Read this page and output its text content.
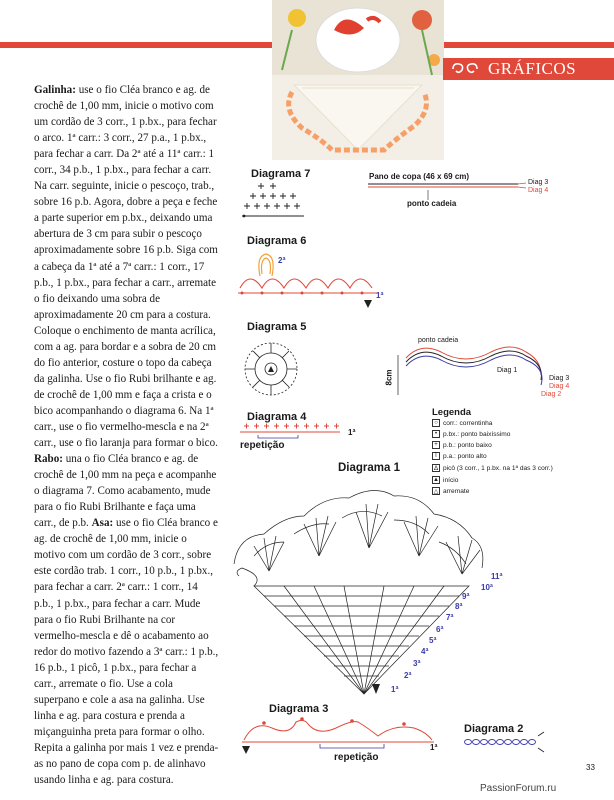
GRÁFICOS
Galinha: use o fio Cléa branco e ag. de crochê de 1,00 mm, inicie o motivo com um cordão de 3 corr., 1 p.bx., para fechar o arco. 1ª carr.: 3 corr., 27 p.a., 1 p.bx., para fechar a carr. Da 2ª até a 11ª carr.: 1 corr., 34 p.b., 1 p.bx., para fechar a carr. Na carr. seguinte, inicie o pescoço, trab., sobre 16 p.b. Agora, dobre a peça e feche a parte superior em p.bx., deixando uma abertura de 3 cm para subir o pescoço aproximadamente sobre 16 p.b. Siga com a cabeça da 1ª até a 7ª carr.: 1 corr., 17 p.b., 1 p.bx., para fechar a carr., arremate o fio deixando uma sobra de aproximadamente 20 cm para a costura. Coloque o enchimento de manta acrílica, com a ag. para bordar e a sobra de 20 cm do fio anterior, costure o topo da cabeça da galinha. Use o fio Rubi brilhante e ag. de crochê de 1,00 mm e faça a crista e o bico acompanhando o diagrama 6. Na 1ª carr., use o fio vermelho-mescla e na 2ª carr., use o fio laranja para formar o bico. Rabo: una o fio Cléa branco e ag. de crochê de 1,00 mm na peça e acompanhe o diagrama 7. Como acabamento, mude para o fio Rubi Brilhante e faça uma carr., de p.b. Asa: use o fio Cléa branco e ag. de crochê de 1,00 mm, inicie o motivo com um cordão de 3 corr., sobre este cordão trab. 1 corr., 10 p.b., 1 p.bx., para fechar a carr. 2ª carr.: 1 corr., 14 p.b., 1 p.bx., para fechar a carr. Mude para o fio Rubi Brilhante na cor vermelho-mescla e dê o acabamento ao redor do motivo fazendo a 3ª carr.: 1 p.b., 16 p.b., 1 picô, 1 p.bx., para fechar a carr., arremate o fio. Use a cola superpano e cole a asa na galinha. Use linha e ag. para costura e prenda a miçanguinha preta para formar o olho. Repita a galinha por mais 1 vez e prenda-as no pano de copa com p. de alinhavo usando linha e ag. para costura.
Diagrama 7	Pano de copa (46 x 69 cm)
Diag 3
Diag 4
ponto cadeia
Diagrama 6
2ª
1ª
Diagrama 5
ponto cadeia
8cm	Diag 1
Diag 3
Diag 4
Diag 2
Diagrama 4
1ª
repetição
Legenda
○ corr.: correntinha
• p.bx.: ponto baixíssimo
+ p.b.: ponto baixo
T p.a.: ponto alto
ᐃ picô (3 corr., 1 p.bx. na 1ª das 3 corr.)
▲ início
△ arremate
Diagrama 1
11ª
10ª
9ª
8ª
7ª
6ª
5ª
4ª
3ª
2ª
1ª
Diagrama 3
1ª
repetição
Diagrama 2
33
PassionForum.ru
